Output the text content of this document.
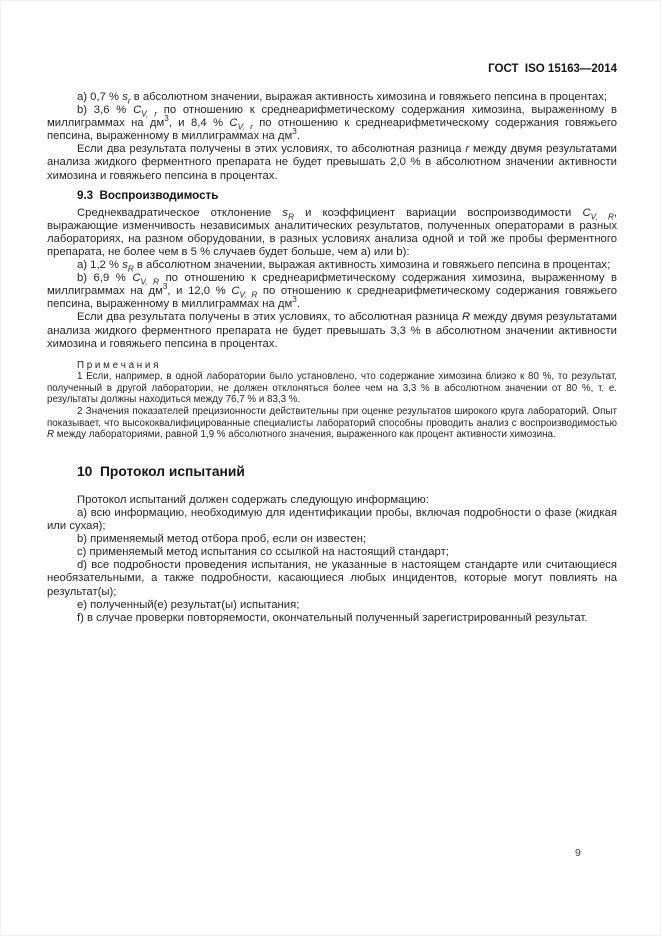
ГОСТ  ISO 15163—2014
а) 0,7 % $s_r$ в абсолютном значении, выражая активность химозина и говяжьего пепсина в процентах;
b) 3,6 % $C_{V, r}$ по отношению к среднеарифметическому содержания химозина, выраженному в миллиграммах на $дм^3$, и 8,4 % $C_{V, r}$ по отношению к среднеарифметическому содержания говяжьего пепсина, выраженному в миллиграммах на $дм^3$.
Если два результата получены в этих условиях, то абсолютная разница r между двумя результатами анализа жидкого ферментного препарата не будет превышать 2,0 % в абсолютном значении активности химозина и говяжьего пепсина в процентах.
9.3  Воспроизводимость
Среднеквадратическое отклонение $s_R$ и коэффициент вариации воспроизводимости $C_{V, R}$, выражающие изменчивость независимых аналитических результатов, полученных операторами в разных лабораториях, на разном оборудовании, в разных условиях анализа одной и той же пробы ферментного препарата, не более чем в 5 % случаев будет больше, чем а) или b):
а) 1,2 % $s_R$ в абсолютном значении, выражая активность химозина и говяжьего пепсина в процентах;
b) 6,9 % $C_{V, R}$ по отношению к среднеарифметическому содержания химозина, выраженному в миллиграммах на $дм^3$, и 12,0 % $C_{V, R}$ по отношению к среднеарифметическому содержания говяжьего пепсина, выраженному в миллиграммах на $дм^3$.
Если два результата получены в этих условиях, то абсолютная разница R между двумя результатами анализа жидкого ферментного препарата не будет превышать 3,3 % в абсолютном значении активности химозина и говяжьего пепсина в процентах.
П р и м е ч а н и я
1 Если, например, в одной лаборатории было установлено, что содержание химозина близко к 80 %, то результат, полученный в другой лаборатории, не должен отклоняться более чем на 3,3 % в абсолютном значении от 80 %, т. е. результаты должны находиться между 76,7 % и 83,3 %.
2 Значения показателей прецизионности действительны при оценке результатов широкого круга лабораторий. Опыт показывает, что высококвалифицированные специалисты лабораторий способны проводить анализ с воспроизводимостью R между лабораториями, равной 1,9 % абсолютного значения, выраженного как процент активности химозина.
10  Протокол испытаний
Протокол испытаний должен содержать следующую информацию:
а) всю информацию, необходимую для идентификации пробы, включая подробности о фазе (жидкая или сухая);
b) применяемый метод отбора проб, если он известен;
c) применяемый метод испытания со ссылкой на настоящий стандарт;
d) все подробности проведения испытания, не указанные в настоящем стандарте или считающиеся необязательными, а также подробности, касающиеся любых инцидентов, которые могут повлиять на результат(ы);
e) полученный(е) результат(ы) испытания;
f) в случае проверки повторяемости, окончательный полученный зарегистрированный результат.
9
